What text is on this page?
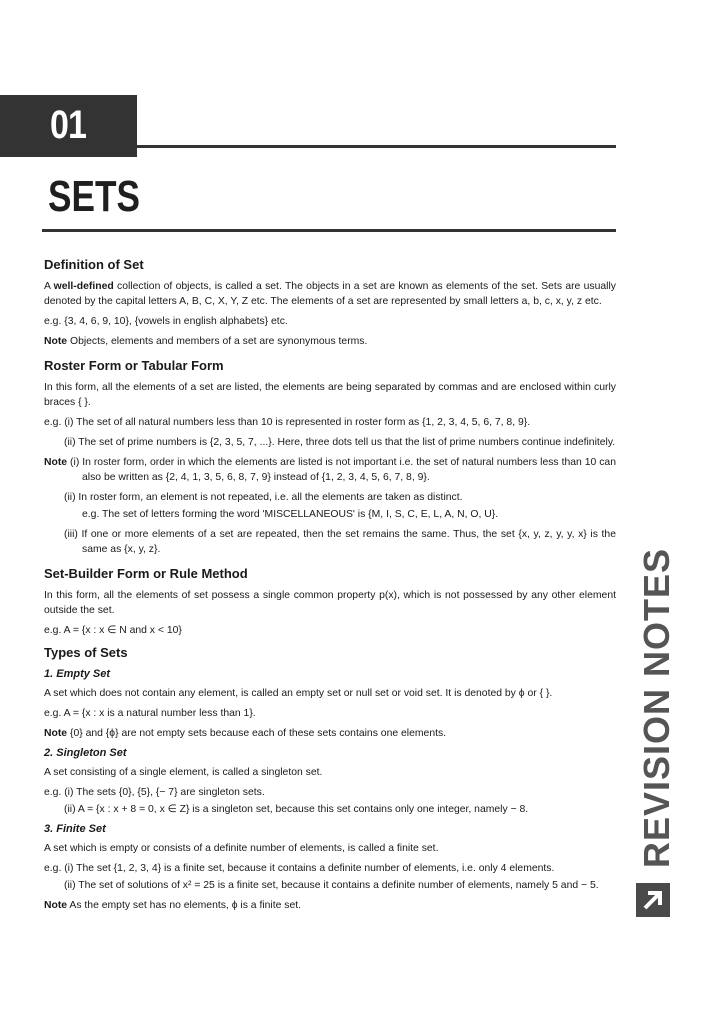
01
SETS
Definition of Set

A well-defined collection of objects, is called a set. The objects in a set are known as elements of the set. Sets are usually denoted by the capital letters A, B, C, X, Y, Z etc. The elements of a set are represented by small letters a, b, c, x, y, z etc.

e.g. {3, 4, 6, 9, 10}, {vowels in english alphabets} etc.

Note Objects, elements and members of a set are synonymous terms.

Roster Form or Tabular Form

In this form, all the elements of a set are listed, the elements are being separated by commas and are enclosed within curly braces { }.

e.g. (i) The set of all natural numbers less than 10 is represented in roster form as {1, 2, 3, 4, 5, 6, 7, 8, 9}.

(ii) The set of prime numbers is {2, 3, 5, 7, ...}. Here, three dots tell us that the list of prime numbers continue indefinitely.

Note (i) In roster form, order in which the elements are listed is not important i.e. the set of natural numbers less than 10 can also be written as {2, 4, 1, 3, 5, 6, 8, 7, 9} instead of {1, 2, 3, 4, 5, 6, 7, 8, 9}.

(ii) In roster form, an element is not repeated, i.e. all the elements are taken as distinct.

e.g. The set of letters forming the word 'MISCELLANEOUS' is {M, I, S, C, E, L, A, N, O, U}.

(iii) If one or more elements of a set are repeated, then the set remains the same. Thus, the set {x, y, z, y, y, x} is the same as {x, y, z}.

Set-Builder Form or Rule Method

In this form, all the elements of set possess a single common property p(x), which is not possessed by any other element outside the set.

e.g. A = {x : x ∈ N and x < 10}

Types of Sets
1. Empty Set

A set which does not contain any element, is called an empty set or null set or void set. It is denoted by ϕ or { }.

e.g. A = {x : x is a natural number less than 1}.

Note {0} and {ϕ} are not empty sets because each of these sets contains one elements.

2. Singleton Set

A set consisting of a single element, is called a singleton set.

e.g. (i) The sets {0}, {5}, {− 7} are singleton sets.

(ii) A = {x : x + 8 = 0, x ∈ Z} is a singleton set, because this set contains only one integer, namely − 8.

3. Finite Set

A set which is empty or consists of a definite number of elements, is called a finite set.

e.g. (i) The set {1, 2, 3, 4} is a finite set, because it contains a definite number of elements, i.e. only 4 elements.

(ii) The set of solutions of x² = 25 is a finite set, because it contains a definite number of elements, namely 5 and − 5.

Note As the empty set has no elements, ϕ is a finite set.

REVISION NOTES
